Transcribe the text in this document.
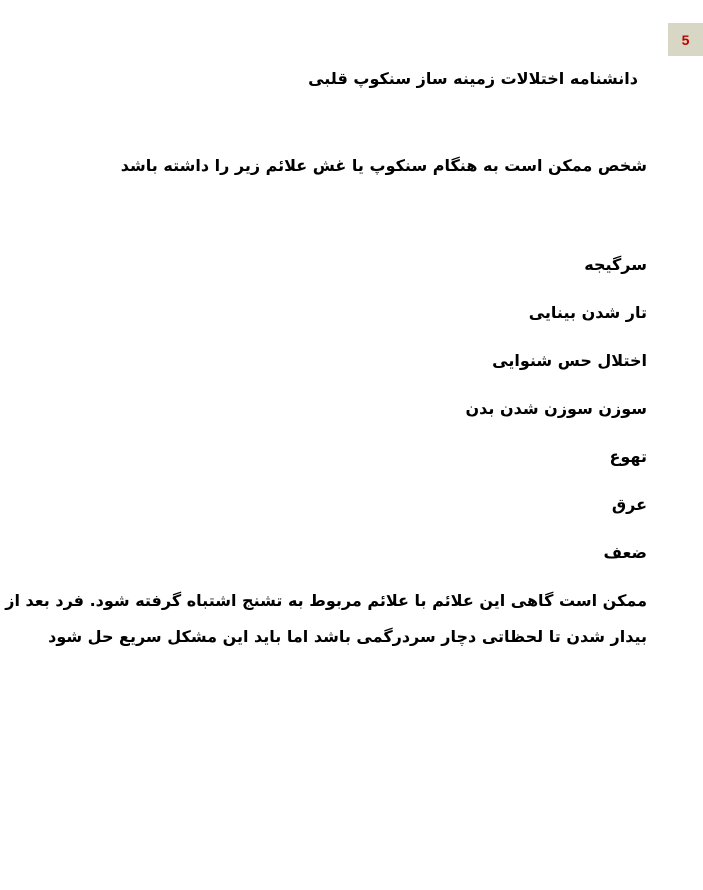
5
دانشنامه اختلالات زمینه ساز سنکوپ قلبی
شخص ممکن است به هنگام سنکوپ یا غش علائم زیر را داشته باشد
سرگیجه
تار شدن بینایی
اختلال حس شنوایی
سوزن سوزن شدن بدن
تهوع
عرق
ضعف
ممکن است گاهی این علائم با علائم مربوط به تشنج اشتباه گرفته شود. فرد بعد از
بیدار شدن تا لحظاتی دچار سردرگمی باشد اما باید این مشکل سریع حل شود
